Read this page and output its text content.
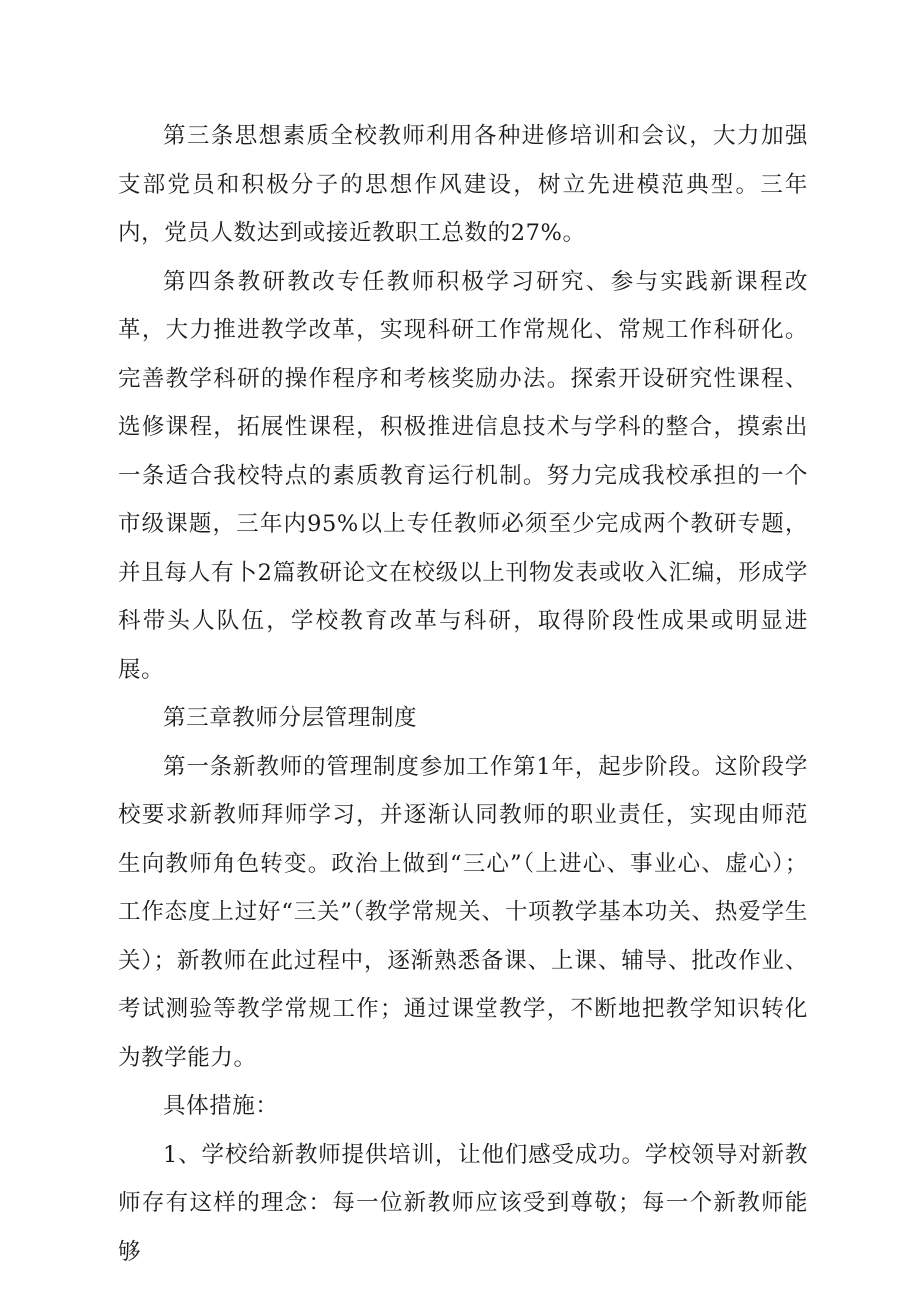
第三条思想素质全校教师利用各种进修培训和会议，大力加强支部党员和积极分子的思想作风建设，树立先进模范典型。三年内，党员人数达到或接近教职工总数的27%。

第四条教研教改专任教师积极学习研究、参与实践新课程改革，大力推进教学改革，实现科研工作常规化、常规工作科研化。完善教学科研的操作程序和考核奖励办法。探索开设研究性课程、选修课程，拓展性课程，积极推进信息技术与学科的整合，摸索出一条适合我校特点的素质教育运行机制。努力完成我校承担的一个市级课题，三年内95%以上专任教师必须至少完成两个教研专题，并且每人有卜2篇教研论文在校级以上刊物发表或收入汇编，形成学科带头人队伍，学校教育改革与科研，取得阶段性成果或明显进展。

第三章教师分层管理制度

第一条新教师的管理制度参加工作第1年，起步阶段。这阶段学校要求新教师拜师学习，并逐渐认同教师的职业责任，实现由师范生向教师角色转变。政治上做到“三心”（上进心、事业心、虚心）；工作态度上过好“三关”（教学常规关、十项教学基本功关、热爱学生关）；新教师在此过程中，逐渐熟悉备课、上课、辅导、批改作业、考试测验等教学常规工作；通过课堂教学，不断地把教学知识转化为教学能力。

具体措施：

1、学校给新教师提供培训，让他们感受成功。学校领导对新教师存有这样的理念：每一位新教师应该受到尊敬；每一个新教师能够
